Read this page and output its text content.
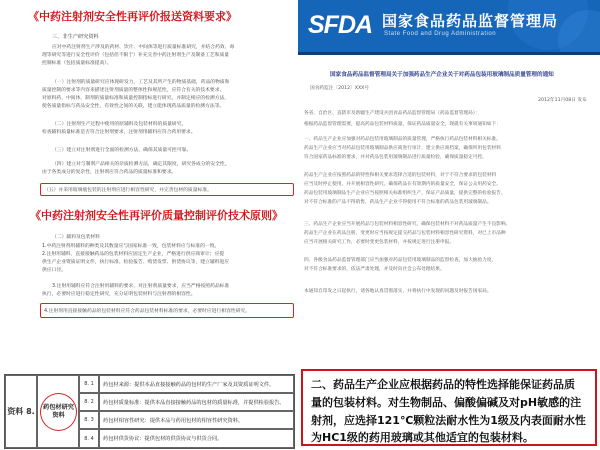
《中药注射剂安全性再评价报送资料要求》
三、非生产研究资料
应对中药注射剂生产涉及的药材、饮片、中间体等进行质量标准研究，并结合药效、毒
理等研究等进行安全性评价（包括但不限于）补充完善中药注射剂生产及制备工艺和质量
控制标准（包括质量标准提高）。
（一）注射剂的质量研究应体现研发力，工艺及其所产生的物质基础，药品的物质和
质量控制的要求等内容来描述注射剂质量的整体性和规范性，应符合有关的技术要求，
对原料药、中间体、制剂的质量标准和质量控制指标进行研究，并制定相应的检测方法，
使各质量指标与药品安全性、有效性之间的关联，建立能体现药品质量的检测方法等。
（二）注射剂生产过程中使用的原辅料及包装材料的质量研究，
检查辅料质量标准是否符合注射剂要求，注射剂用辅料应符合药用要求。
（三）建立对注射剂进行全面的检测方法，确保其质量可控可靠。
（四）建立对与制剂产品相关的杂质检测方法，确定其限度，研究各成分的安全性。
由于各类成分的复杂性，注射剂应符合药品的质量标准和要求。
（五）并采用玻璃瓶包装的注射剂应进行相容性研究，并完善包材的质量标准。
《中药注射剂安全性再评价质量控制评价技术原则》
（二）辅料及包装材料
1.中药注射剂用辅料的种类及其数量应与国家标准一致，包装材料应与标准的一致。
2.注射用辅料、直接接触药品的包装材料应固定生产企业，严格进行供应商审计；应提
供生产企业资质证明文件，执行标准、检验报告、购货发票、供货协议等，建立辅料进应
供应口径。
3.注射用辅料应符合注射用辅料的要求，对注射剂质量要求，应当严格按照药品标准
执行，必要时应进行稳定性研究，充分证明包装材料与注射剂的相容性。
4.注射剂用直接接触药品的包装材料应符合药品包装材料标准的要求，必要时应进行相容性研究。
资料 8.	药包材研究资料
8. 1	药包材来源：提供本品直接接触药品的包材的生产厂家及其资质证明文件。
8. 2	药包材质量标准：提供本品直接接触药品的包材的质量标准，并提供检验报告。
8. 3	药包材相容性研究：提供本品与药用包材的相容性研究资料。
8. 4	药包材供货协议：提供包材的供货协议与供货合同。
SFDA 国家食品药品监督管理局
State Food and Drug Administration
国家食品药品监督管理局关于加强药品生产企业关于对药品包装用玻璃制品质量管理的通知
国食药监注〔2012〕XXX号
2012年11月08日 发布
各省、自治区、直辖市及新疆生产建设兵团食品药品监督管理局（药品监督管理局）：
根据药品监督管理需要，提高药品包装材料质量，保证药品质量安全，现就有关事项通知如下：
一、药品生产企业应加强对药品包装用玻璃制品的质量管理，严格执行药品包装材料相关标准。
药品生产企业应当对药品包装用玻璃制品供应商进行审计，建立供应商档案，确保所用包装材料
符合国家药品标准的要求，并对药品包装用玻璃制品进行质量检验，确保质量稳定可控。
药品生产企业应按照药品的特性和相关要求选择合适的包装材料，对于不符合要求的包装材料
应当及时停止使用，并开展相容性研究。确保药品在有效期内的质量安全，保证公众用药安全。
药品包装用玻璃制品生产企业应当按照相关标准组织生产，保证产品质量，提供完整的检验报告。
对不符合标准的产品不得销售，药品生产企业不得使用不符合标准的药品包装用玻璃制品。
三、药品生产企业应当开展药品与包装材料相容性研究，确保包装材料不对药品质量产生不良影响。
药品生产企业在药品注册、变更时应当按规定提交药品与包装材料相容性研究资料，对已上市品种
应当开展相关研究工作，必要时变更包装材料，并按规定进行注册申报。
四、各级食品药品监督管理部门应当加强对药品包装用玻璃制品的监督检查，加大抽验力度，
对不符合标准要求的，依法严肃处理，并及时向社会公布处理结果。
本通知自印发之日起执行，请各地认真贯彻落实，并将执行中发现的问题及时报告国家局。
二、药品生产企业应根据药品的特性选择能保证药品质
量的包装材料。对生物制品、偏酸偏碱及对pH敏感的注
射剂，应选择121℃颗粒法耐水性为1级及内表面耐水性
为HC1级的药用玻璃或其他适宜的包装材料。
